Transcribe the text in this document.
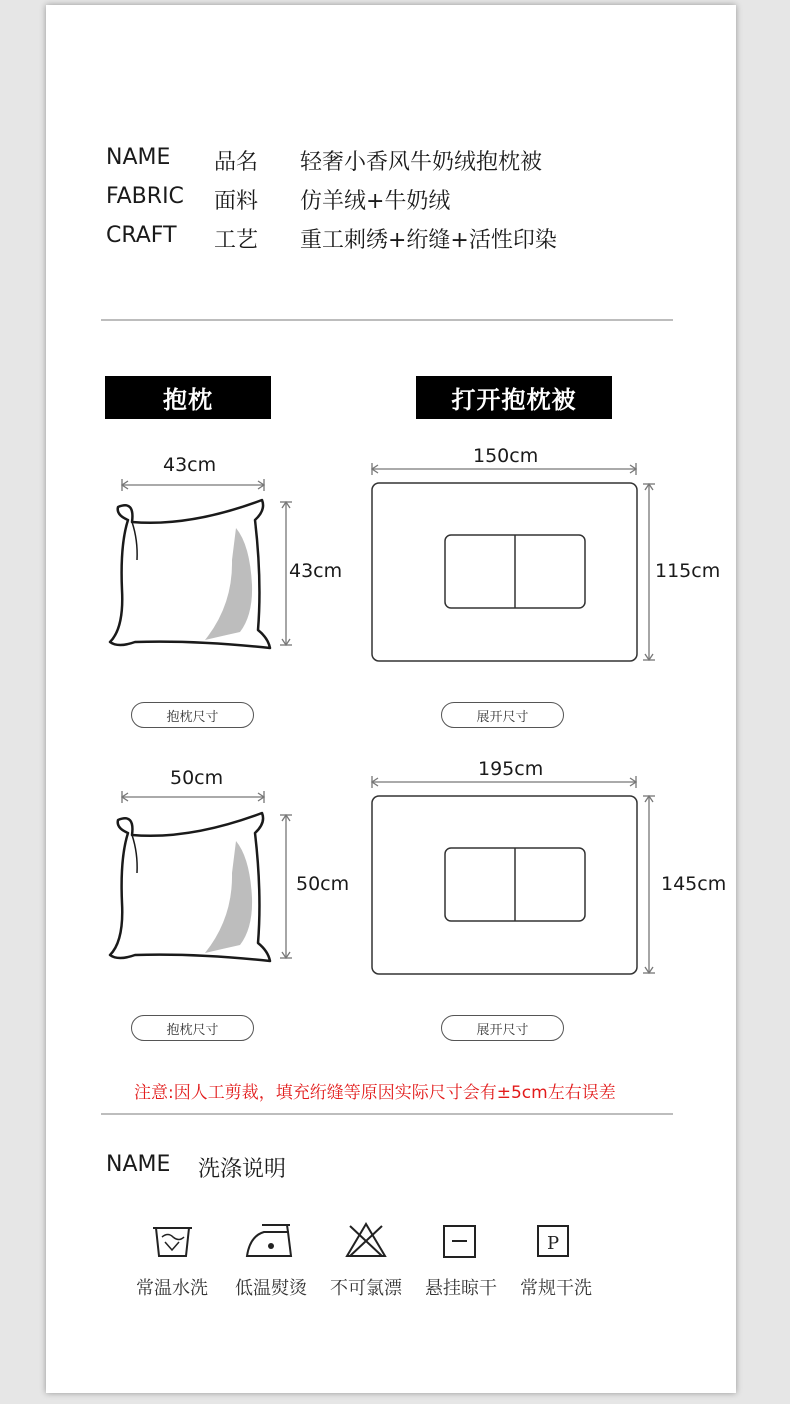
NAME 品名 轻奢小香风牛奶绒抱枕被
FABRIC 面料 仿羊绒+牛奶绒
CRAFT 工艺 重工刺绣+绗缝+活性印染
抱枕	打开抱枕被
43cm
43cm
抱枕尺寸
150cm
115cm
展开尺寸
50cm
50cm
抱枕尺寸
195cm
145cm
展开尺寸
注意:因人工剪裁，填充绗缝等原因实际尺寸会有±5cm左右误差
NAME 洗涤说明
P
常温水洗 低温熨烫 不可氯漂 悬挂晾干 常规干洗
